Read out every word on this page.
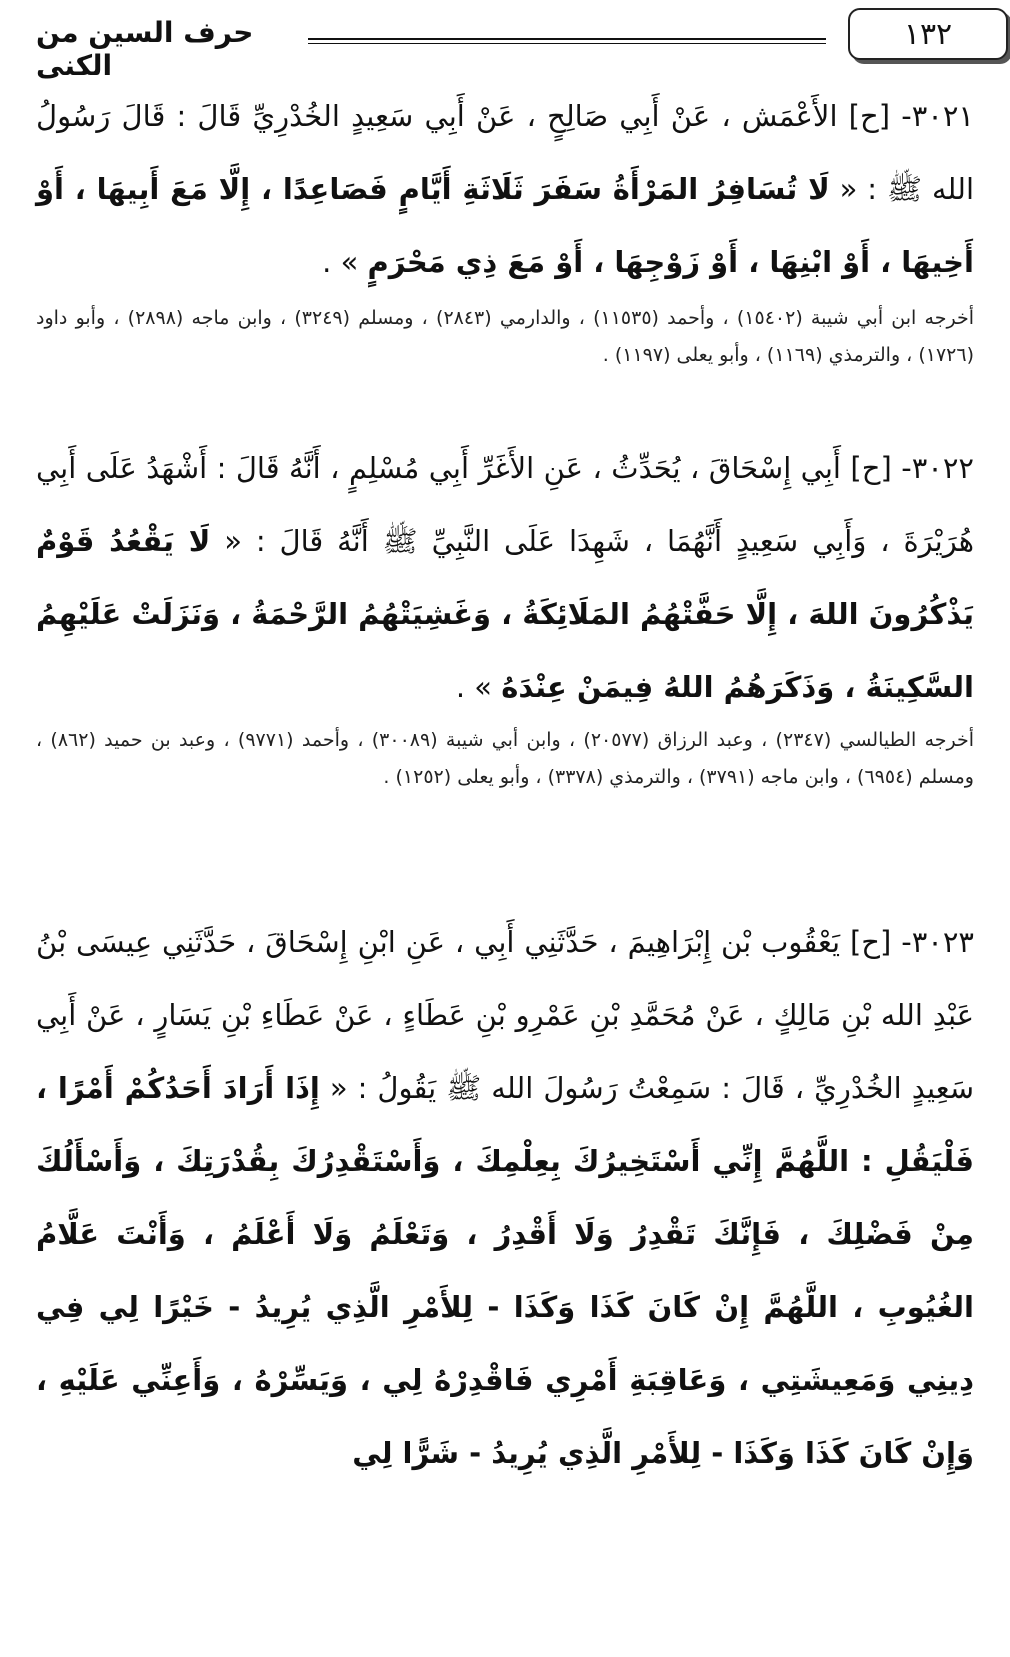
١٣٢
حرف السين من الكنى
٣٠٢١- [ح] الأَعْمَش ، عَنْ أَبِي صَالِحٍ ، عَنْ أَبِي سَعِيدٍ الخُدْرِيِّ قَالَ : قَالَ رَسُولُ الله ﷺ : « لَا تُسَافِرُ المَرْأَةُ سَفَرَ ثَلَاثَةِ أَيَّامٍ فَصَاعِدًا ، إِلَّا مَعَ أَبِيهَا ، أَوْ أَخِيهَا ، أَوْ ابْنِهَا ، أَوْ زَوْجِهَا ، أَوْ مَعَ ذِي مَحْرَمٍ » .
أخرجه ابن أبي شيبة (١٥٤٠٢) ، وأحمد (١١٥٣٥) ، والدارمي (٢٨٤٣) ، ومسلم (٣٢٤٩) ، وابن ماجه (٢٨٩٨) ، وأبو داود (١٧٢٦) ، والترمذي (١١٦٩) ، وأبو يعلى (١١٩٧) .
٣٠٢٢- [ح] أَبِي إِسْحَاقَ ، يُحَدِّثُ ، عَنِ الأَغَرِّ أَبِي مُسْلِمٍ ، أَنَّهُ قَالَ : أَشْهَدُ عَلَى أَبِي هُرَيْرَةَ ، وَأَبِي سَعِيدٍ أَنَّهُمَا ، شَهِدَا عَلَى النَّبِيِّ ﷺ أَنَّهُ قَالَ : « لَا يَقْعُدُ قَوْمٌ يَذْكُرُونَ اللهَ ، إِلَّا حَفَّتْهُمُ المَلَائِكَةُ ، وَغَشِيَتْهُمُ الرَّحْمَةُ ، وَنَزَلَتْ عَلَيْهِمُ السَّكِينَةُ ، وَذَكَرَهُمُ اللهُ فِيمَنْ عِنْدَهُ » .
أخرجه الطيالسي (٢٣٤٧) ، وعبد الرزاق (٢٠٥٧٧) ، وابن أبي شيبة (٣٠٠٨٩) ، وأحمد (٩٧٧١) ، وعبد بن حميد (٨٦٢) ، ومسلم (٦٩٥٤) ، وابن ماجه (٣٧٩١) ، والترمذي (٣٣٧٨) ، وأبو يعلى (١٢٥٢) .
٣٠٢٣- [ح] يَعْقُوب بْن إِبْرَاهِيمَ ، حَدَّثَنِي أَبِي ، عَنِ ابْنِ إِسْحَاقَ ، حَدَّثَنِي عِيسَى بْنُ عَبْدِ الله بْنِ مَالِكٍ ، عَنْ مُحَمَّدِ بْنِ عَمْرِو بْنِ عَطَاءٍ ، عَنْ عَطَاءِ بْنِ يَسَارٍ ، عَنْ أَبِي سَعِيدٍ الخُدْرِيِّ ، قَالَ : سَمِعْتُ رَسُولَ الله ﷺ يَقُولُ : « إِذَا أَرَادَ أَحَدُكُمْ أَمْرًا ، فَلْيَقُلِ : اللَّهُمَّ إِنِّي أَسْتَخِيرُكَ بِعِلْمِكَ ، وَأَسْتَقْدِرُكَ بِقُدْرَتِكَ ، وَأَسْأَلُكَ مِنْ فَضْلِكَ ، فَإِنَّكَ تَقْدِرُ وَلَا أَقْدِرُ ، وَتَعْلَمُ وَلَا أَعْلَمُ ، وَأَنْتَ عَلَّامُ الغُيُوبِ ، اللَّهُمَّ إِنْ كَانَ كَذَا وَكَذَا - لِلأَمْرِ الَّذِي يُرِيدُ - خَيْرًا لِي فِي دِينِي وَمَعِيشَتِي ، وَعَاقِبَةِ أَمْرِي فَاقْدِرْهُ لِي ، وَيَسِّرْهُ ، وَأَعِنِّي عَلَيْهِ ، وَإِنْ كَانَ كَذَا وَكَذَا - لِلأَمْرِ الَّذِي يُرِيدُ - شَرًّا لِي
